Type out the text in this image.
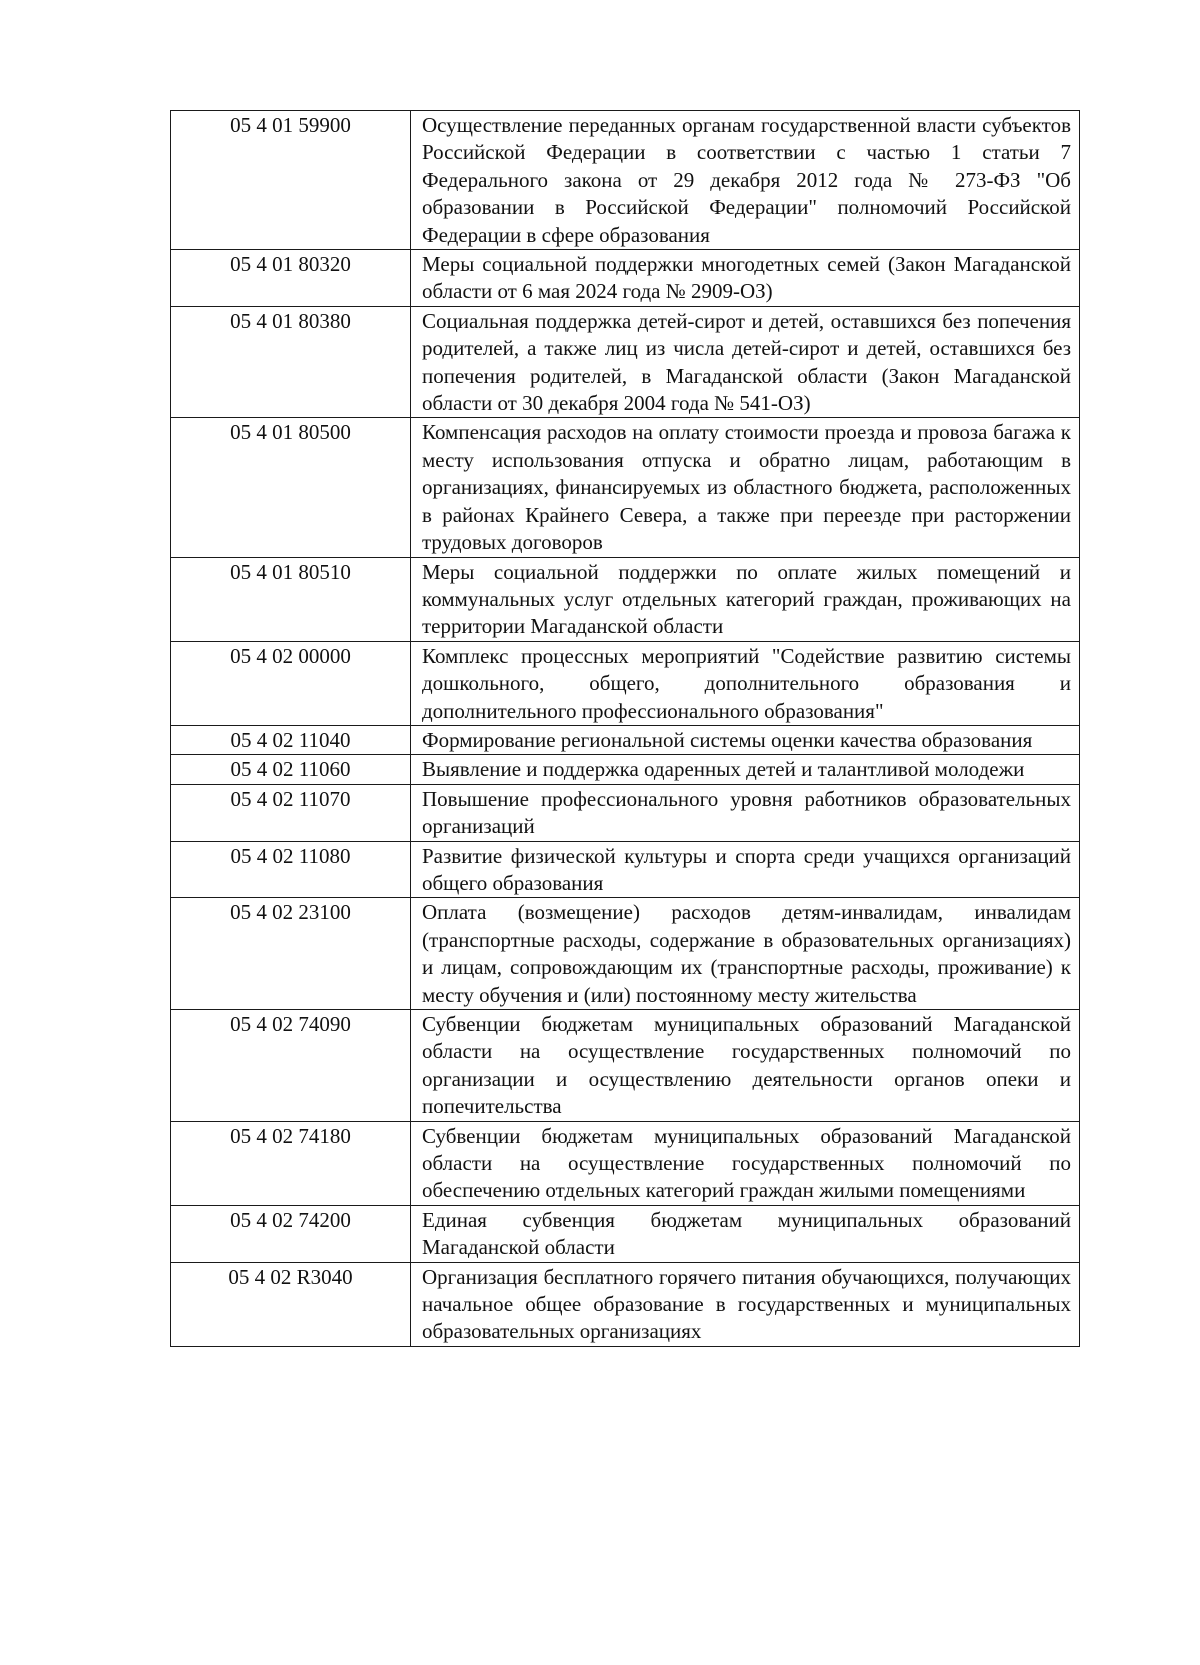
05 4 01 59900	Осуществление переданных органам государственной власти субъектов Российской Федерации в соответствии с частью 1 статьи 7 Федерального закона от 29 декабря 2012 года № 273-ФЗ "Об образовании в Российской Федерации" полномочий Российской Федерации в сфере образования
05 4 01 80320	Меры социальной поддержки многодетных семей (Закон Магаданской области от 6 мая 2024 года № 2909-ОЗ)
05 4 01 80380	Социальная поддержка детей-сирот и детей, оставшихся без попечения родителей, а также лиц из числа детей-сирот и детей, оставшихся без попечения родителей, в Магаданской области (Закон Магаданской области от 30 декабря 2004 года № 541-ОЗ)
05 4 01 80500	Компенсация расходов на оплату стоимости проезда и провоза багажа к месту использования отпуска и обратно лицам, работающим в организациях, финансируемых из областного бюджета, расположенных в районах Крайнего Севера, а также при переезде при расторжении трудовых договоров
05 4 01 80510	Меры социальной поддержки по оплате жилых помещений и коммунальных услуг отдельных категорий граждан, проживающих на территории Магаданской области
05 4 02 00000	Комплекс процессных мероприятий "Содействие развитию системы дошкольного, общего, дополнительного образования и дополнительного профессионального образования"
05 4 02 11040	Формирование региональной системы оценки качества образования
05 4 02 11060	Выявление и поддержка одаренных детей и талантливой молодежи
05 4 02 11070	Повышение профессионального уровня работников образовательных организаций
05 4 02 11080	Развитие физической культуры и спорта среди учащихся организаций общего образования
05 4 02 23100	Оплата (возмещение) расходов детям-инвалидам, инвалидам (транспортные расходы, содержание в образовательных организациях) и лицам, сопровождающим их (транспортные расходы, проживание) к месту обучения и (или) постоянному месту жительства
05 4 02 74090	Субвенции бюджетам муниципальных образований Магаданской области на осуществление государственных полномочий по организации и осуществлению деятельности органов опеки и попечительства
05 4 02 74180	Субвенции бюджетам муниципальных образований Магаданской области на осуществление государственных полномочий по обеспечению отдельных категорий граждан жилыми помещениями
05 4 02 74200	Единая субвенция бюджетам муниципальных образований Магаданской области
05 4 02 R3040	Организация бесплатного горячего питания обучающихся, получающих начальное общее образование в государственных и муниципальных образовательных организациях
